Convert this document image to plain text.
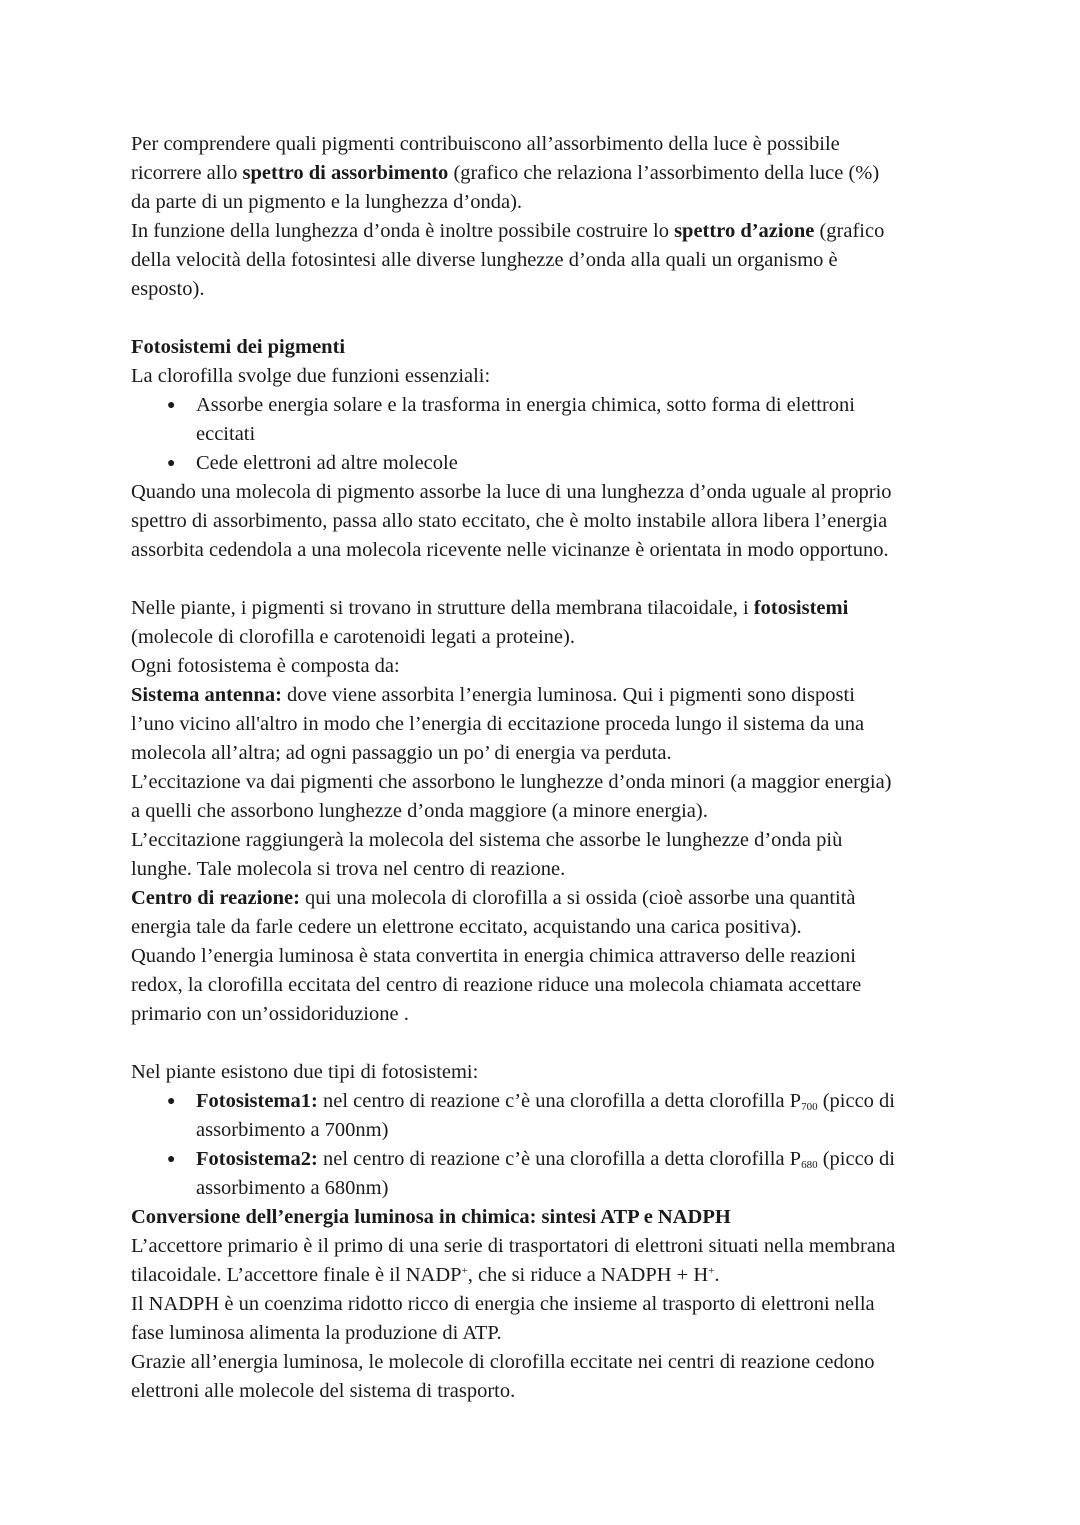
Per comprendere quali pigmenti contribuiscono all’assorbimento della luce è possibile
ricorrere allo spettro di assorbimento (grafico che relaziona l’assorbimento della luce (%)
da parte di un pigmento e la lunghezza d’onda).
In funzione della lunghezza d’onda è inoltre possibile costruire lo spettro d’azione (grafico
della velocità della fotosintesi alle diverse lunghezze d’onda alla quali un organismo è
esposto).
Fotosistemi dei pigmenti
La clorofilla svolge due funzioni essenziali:
● Assorbe energia solare e la trasforma in energia chimica, sotto forma di elettroni
eccitati
● Cede elettroni ad altre molecole
Quando una molecola di pigmento assorbe la luce di una lunghezza d’onda uguale al proprio
spettro di assorbimento, passa allo stato eccitato, che è molto instabile allora libera l’energia
assorbita cedendola a una molecola ricevente nelle vicinanze è orientata in modo opportuno.
Nelle piante, i pigmenti si trovano in strutture della membrana tilacoidale, i fotosistemi
(molecole di clorofilla e carotenoidi legati a proteine).
Ogni fotosistema è composta da:
Sistema antenna: dove viene assorbita l’energia luminosa. Qui i pigmenti sono disposti
l’uno vicino all'altro in modo che l’energia di eccitazione proceda lungo il sistema da una
molecola all’altra; ad ogni passaggio un po’ di energia va perduta.
L’eccitazione va dai pigmenti che assorbono le lunghezze d’onda minori (a maggior energia)
a quelli che assorbono lunghezze d’onda maggiore (a minore energia).
L’eccitazione raggiungerà la molecola del sistema che assorbe le lunghezze d’onda più
lunghe. Tale molecola si trova nel centro di reazione.
Centro di reazione: qui una molecola di clorofilla a si ossida (cioè assorbe una quantità
energia tale da farle cedere un elettrone eccitato, acquistando una carica positiva).
Quando l’energia luminosa è stata convertita in energia chimica attraverso delle reazioni
redox, la clorofilla eccitata del centro di reazione riduce una molecola chiamata accettare
primario con un’ossidoriduzione .
Nel piante esistono due tipi di fotosistemi:
● Fotosistema1: nel centro di reazione c’è una clorofilla a detta clorofilla $P_{700}$ (picco di
assorbimento a 700nm)
● Fotosistema2: nel centro di reazione c’è una clorofilla a detta clorofilla $P_{680}$ (picco di
assorbimento a 680nm)
Conversione dell’energia luminosa in chimica: sintesi ATP e NADPH
L’accettore primario è il primo di una serie di trasportatori di elettroni situati nella membrana
tilacoidale. L’accettore finale è il NADP+, che si riduce a NADPH + H+.
Il NADPH è un coenzima ridotto ricco di energia che insieme al trasporto di elettroni nella
fase luminosa alimenta la produzione di ATP.
Grazie all’energia luminosa, le molecole di clorofilla eccitate nei centri di reazione cedono
elettroni alle molecole del sistema di trasporto.
